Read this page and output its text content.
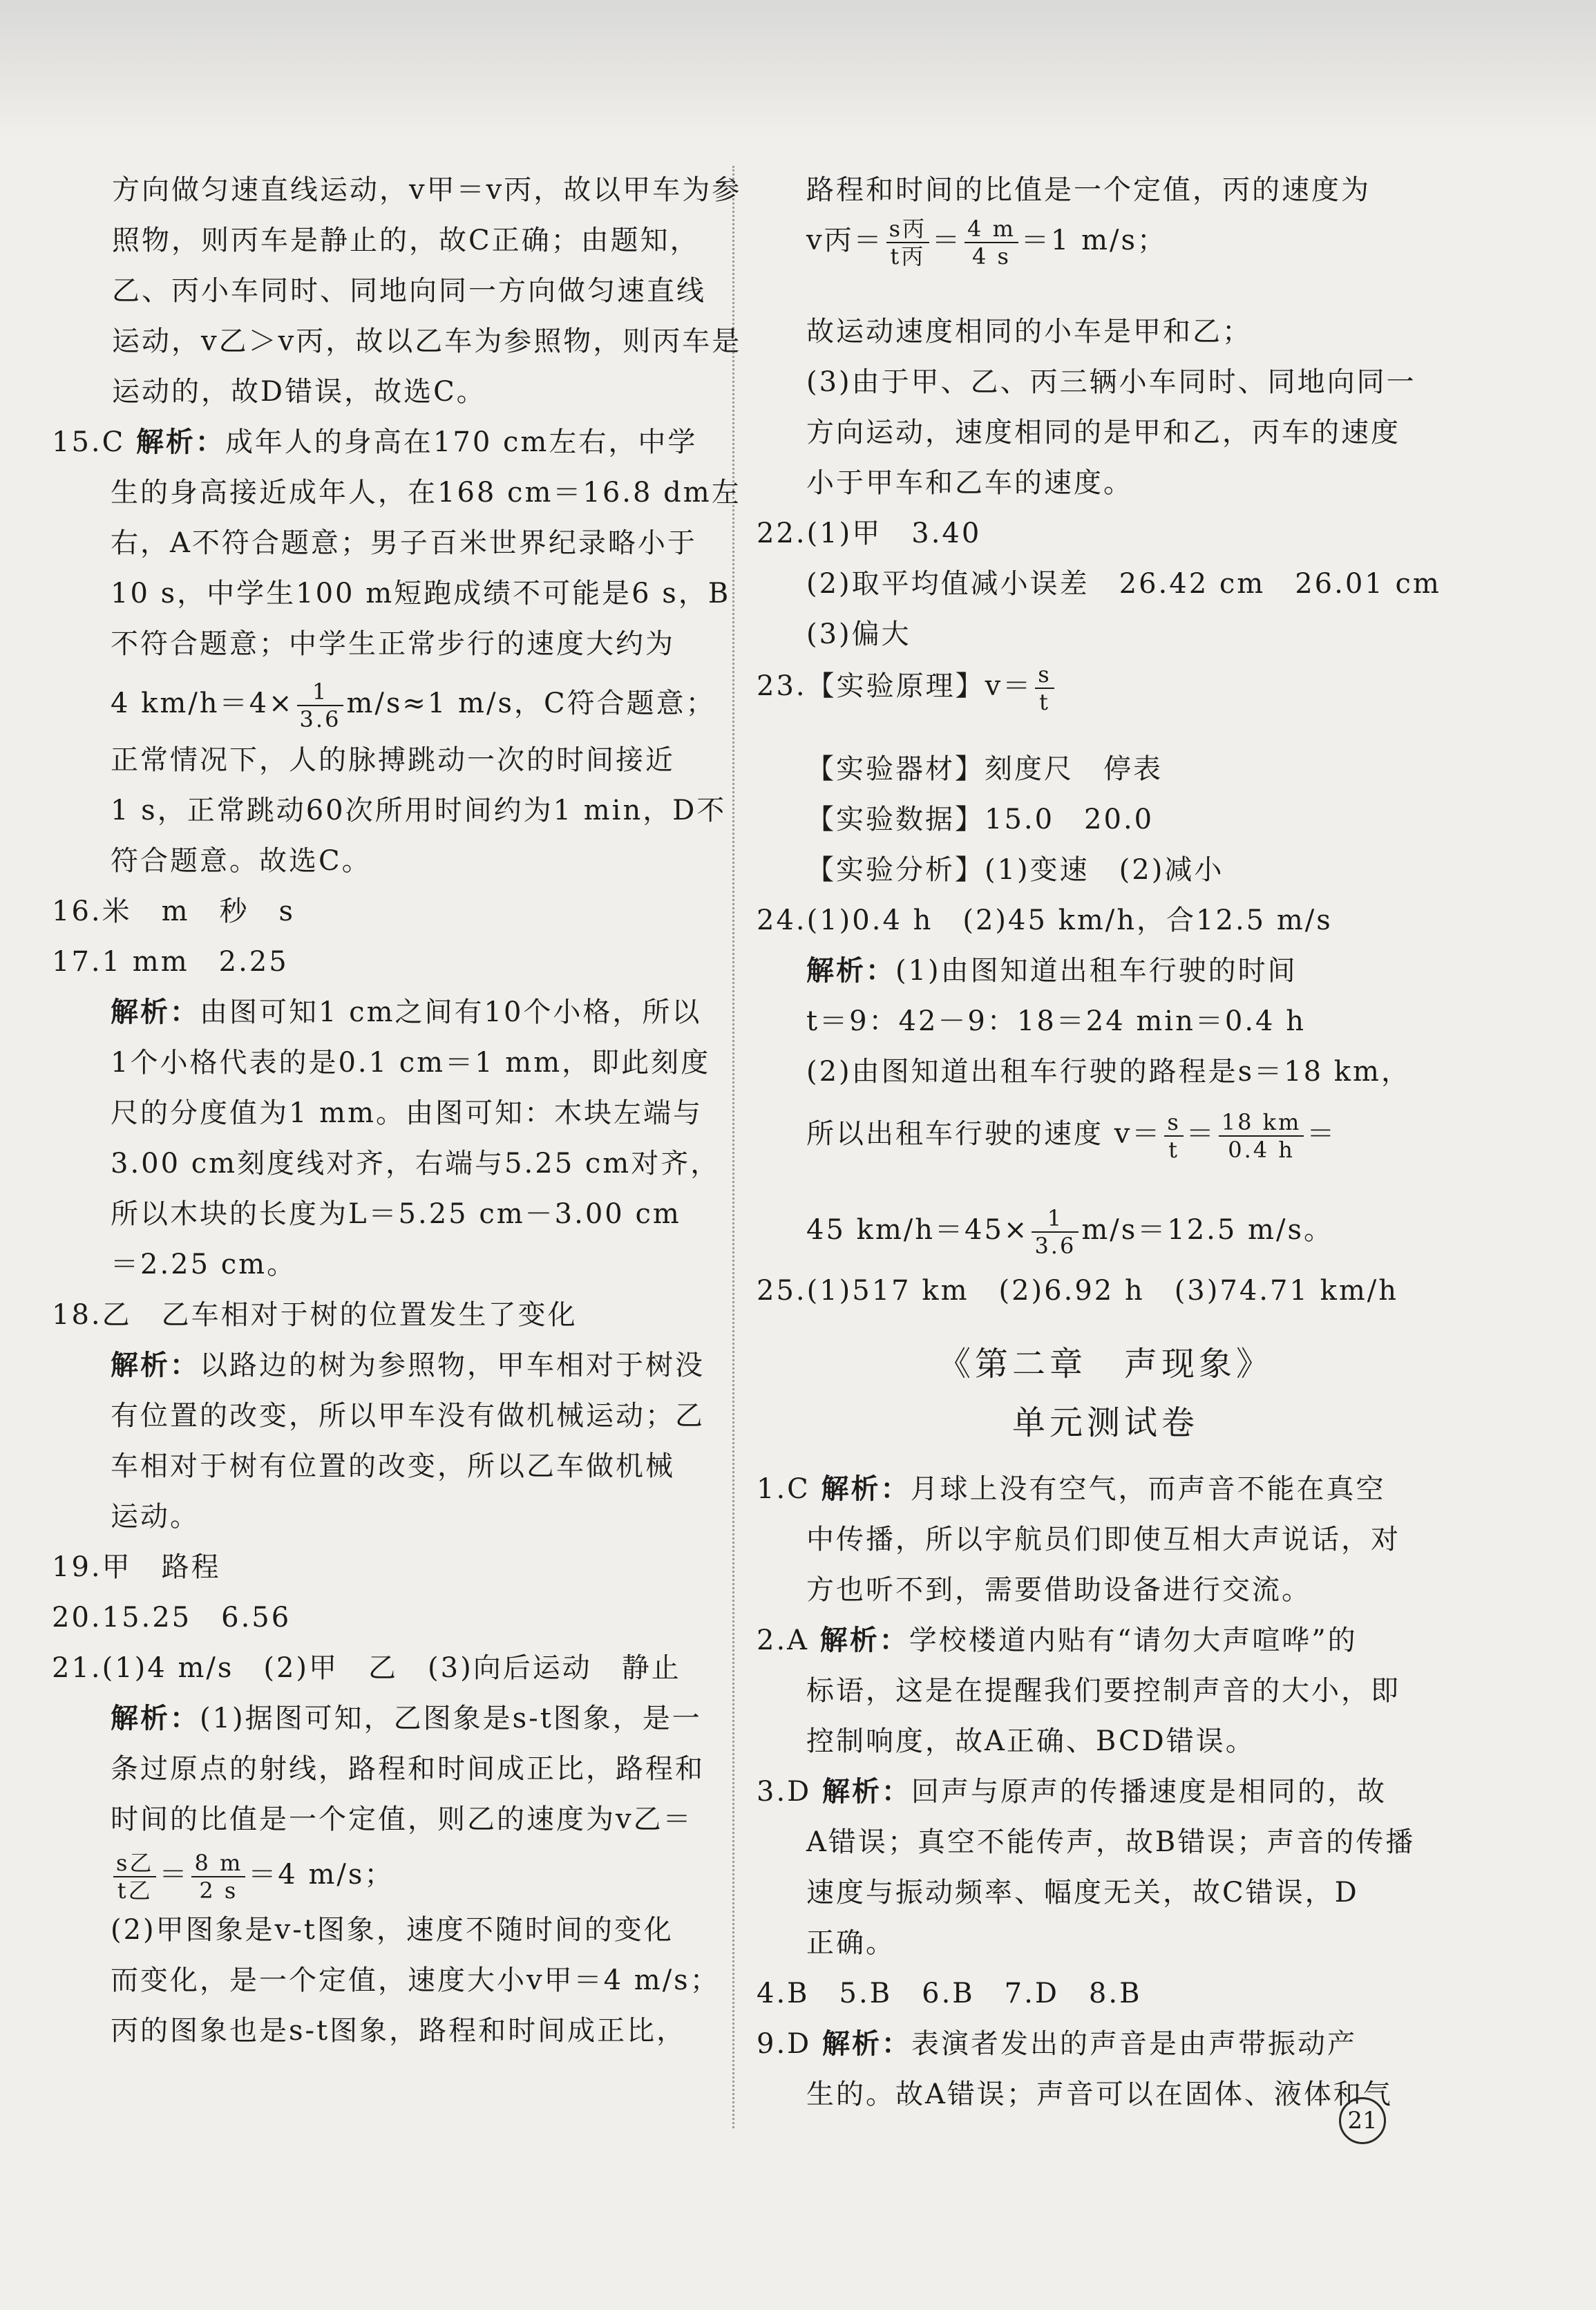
方向做匀速直线运动，v甲＝v丙，故以甲车为参
照物，则丙车是静止的，故C正确；由题知，
乙、丙小车同时、同地向同一方向做匀速直线
运动，v乙＞v丙，故以乙车为参照物，则丙车是
运动的，故D错误，故选C。
15.C 解析：成年人的身高在170 cm左右，中学
生的身高接近成年人，在168 cm＝16.8 dm左
右，A不符合题意；男子百米世界纪录略小于
10 s，中学生100 m短跑成绩不可能是6 s，B
不符合题意；中学生正常步行的速度大约为
4 $km/h=4\times \frac{1}{3.6} m/s\approx 1$ m/s，C符合题意；
正常情况下，人的脉搏跳动一次的时间接近
1 s，正常跳动60次所用时间约为1 min，D不
符合题意。故选C。
16.米　m　秒　s
17.1 mm　2.25
解析：由图可知1 cm之间有10个小格，所以
1个小格代表的是0.1 cm＝1 mm，即此刻度
尺的分度值为1 mm。由图可知：木块左端与
3.00 cm刻度线对齐，右端与5.25 cm对齐，
所以木块的长度为L＝5.25 cm－3.00 cm
＝2.25 cm。
18.乙　乙车相对于树的位置发生了变化
解析：以路边的树为参照物，甲车相对于树没
有位置的改变，所以甲车没有做机械运动；乙
车相对于树有位置的改变，所以乙车做机械
运动。
19.甲　路程
20.15.25　6.56
21.(1)4 m/s　(2)甲　乙　(3)向后运动　静止
解析：(1)据图可知，乙图象是s-t图象，是一
条过原点的射线，路程和时间成正比，路程和
时间的比值是一个定值，则乙的速度为v乙＝
$\frac{\text{s乙}}{\text{t乙}} = \frac{8 m}{2 s} =4$ m/s；
(2)甲图象是v-t图象，速度不随时间的变化
而变化，是一个定值，速度大小v甲＝4 m/s；
丙的图象也是s-t图象，路程和时间成正比，
路程和时间的比值是一个定值，丙的速度为
v丙＝ $\frac{\text{s丙}}{\text{t丙}} = \frac{4 m}{4 s} =1$ m/s；
故运动速度相同的小车是甲和乙；
(3)由于甲、乙、丙三辆小车同时、同地向同一
方向运动，速度相同的是甲和乙，丙车的速度
小于甲车和乙车的速度。
22.(1)甲　3.40
(2)取平均值减小误差　26.42 cm　26.01 cm
(3)偏大
23.【实验原理】$v= \frac{s}{t}$
【实验器材】刻度尺　停表
【实验数据】15.0　20.0
【实验分析】(1)变速　(2)减小
24.(1)0.4 h　(2)45 km/h，合12.5 m/s
解析：(1)由图知道出租车行驶的时间
t＝9：42－9：18＝24 min＝0.4 h
(2)由图知道出租车行驶的路程是s＝18 km，
所以出租车行驶的速度 $v= \frac{s}{t} = \frac{18 km}{0.4 h}$ ＝
45 $km/h=45\times \frac{1}{3.6} m/s=12.5$ m/s。
25.(1)517 km　(2)6.92 h　(3)74.71 km/h
《第二章　声现象》
单元测试卷
1.C 解析：月球上没有空气，而声音不能在真空
中传播，所以宇航员们即使互相大声说话，对
方也听不到，需要借助设备进行交流。
2.A 解析：学校楼道内贴有“请勿大声喧哗”的
标语，这是在提醒我们要控制声音的大小，即
控制响度，故A正确、BCD错误。
3.D 解析：回声与原声的传播速度是相同的，故
A错误；真空不能传声，故B错误；声音的传播
速度与振动频率、幅度无关，故C错误，D
正确。
4.B　5.B　6.B　7.D　8.B
9.D 解析：表演者发出的声音是由声带振动产
生的。故A错误；声音可以在固体、液体和气
21
